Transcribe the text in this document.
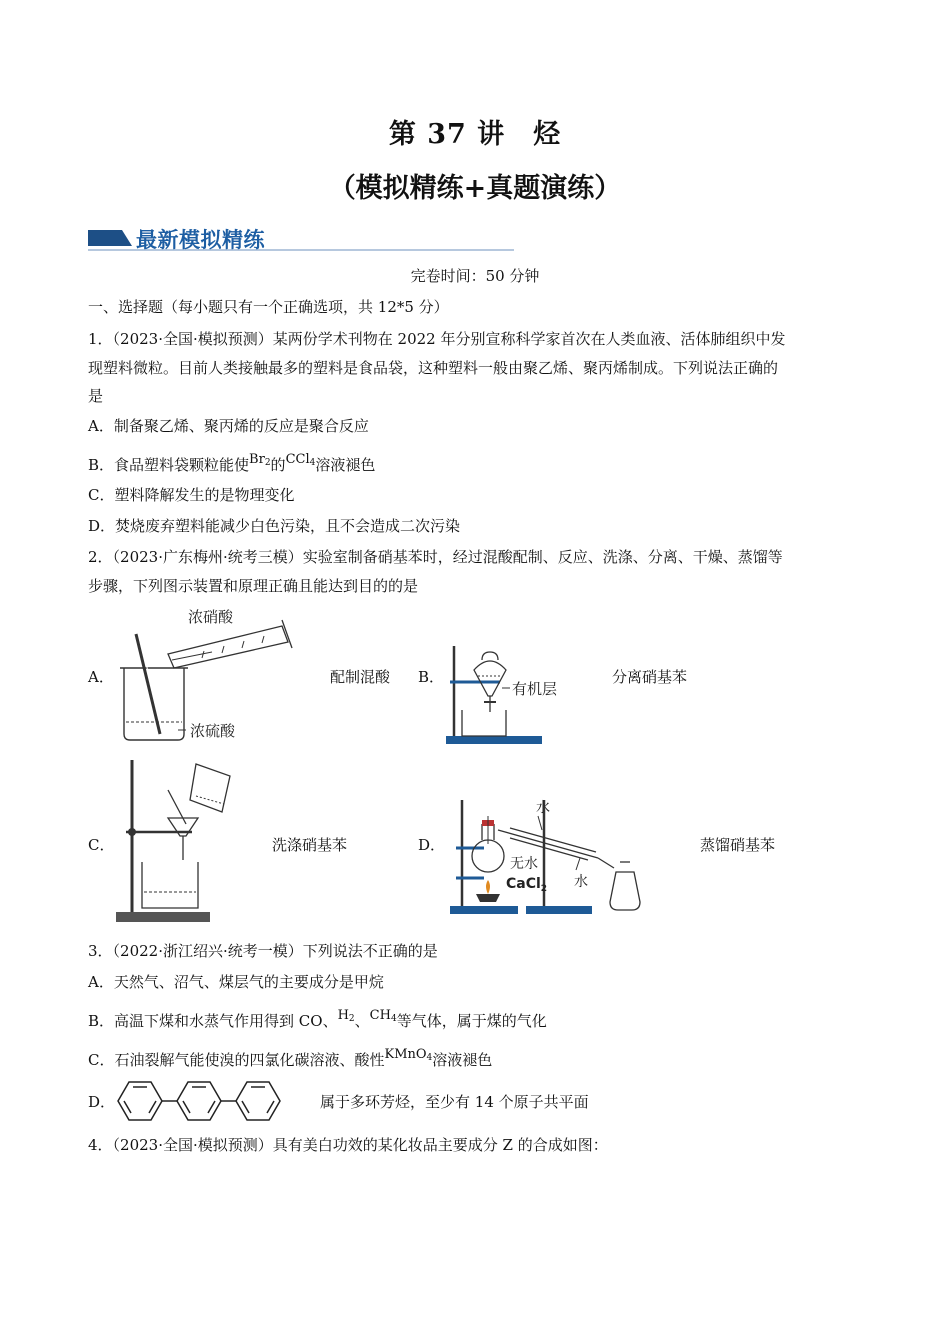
第 37 讲　烃
（模拟精练+真题演练）
最新模拟精练
完卷时间：50 分钟
一、选择题（每小题只有一个正确选项，共 12*5 分）
1．（2023·全国·模拟预测）某两份学术刊物在 2022 年分别宣称科学家首次在人类血液、活体肺组织中发
现塑料微粒。目前人类接触最多的塑料是食品袋，这种塑料一般由聚乙烯、聚丙烯制成。下列说法正确的
是
A．制备聚乙烯、聚丙烯的反应是聚合反应
B．食品塑料袋颗粒能使$Br_2$的CCl$_4$溶液褪色
C．塑料降解发生的是物理变化
D．焚烧废弃塑料能减少白色污染，且不会造成二次污染
2．（2023·广东梅州·统考三模）实验室制备硝基苯时，经过混酸配制、反应、洗涤、分离、干燥、蒸馏等
步骤，下列图示装置和原理正确且能达到目的的是
A．
浓硝酸
浓硫酸
配制混酸 B．
有机层
分离硝基苯
C．	洗涤硝基苯	D．
水
水
无水
CaCl$_2$
蒸馏硝基苯
3．（2022·浙江绍兴·统考一模）下列说法不正确的是
A．天然气、沼气、煤层气的主要成分是甲烷
B．高温下煤和水蒸气作用得到 CO、$H_2$、$CH_4$等气体，属于煤的气化
C．石油裂解气能使溴的四氯化碳溶液、酸性KMnO$_4$溶液褪色
D．	属于多环芳烃，至少有 14 个原子共平面
4．（2023·全国·模拟预测）具有美白功效的某化妆品主要成分 Z 的合成如图：
